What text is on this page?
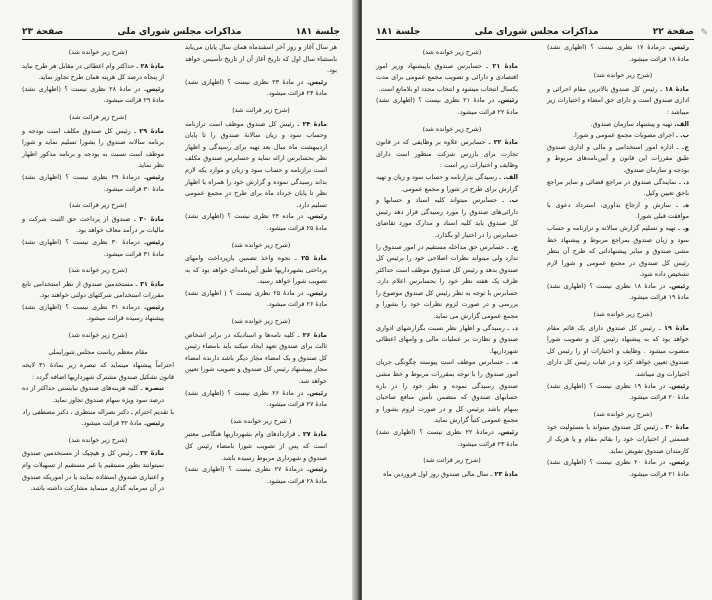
جلسة ۱۸۱
مذاکرات مجلس شورای ملی
صفحة ۲۳

هر سال آغاز و روز آخر اسفندماه همان سال پایان می‌یابد باستثناء سال اول که تاریخ آغاز آن از تاریخ تأسیس خواهد بود.

رئیس. در مادهٔ ۲۳ نظری نیست ؟ (اظهاری نشد) مادهٔ ۲۴ قرائت میشود.

(شرح زیر قرائت شد)

مادهٔ ۲۴ ـ رئیس کل صندوق موظف است ترازنامه وحساب سود و زیان سالانهٔ صندوق را تا پایان اردیبهشت ماه سال بعد تهیه برای رسیدگی و اظهار نظر بحسابرس ارائه نماید و حسابرس صندوق مکلف است ترازنامه و حساب سود و زیان و موارد یکه لازم بداند رسیدگی نموده و گزارش خود را همراه با اظهار نظر تا پایان خرداد ماه برای طرح در مجمع عمومی تسلیم دارد.

رئیس. در ماده ۲۴ نظری نیست ؟ (اظهاری نشد) مادهٔ ۲۵ قرائت میشود.

(شرح زیر خوانده شد)

مادهٔ ۲۵ ـ نحوه واخذ تضمین بازپرداخت وامهای پرداختی بشهرداریها طبق آیین‌نامه‌ای خواهد بود که به تصویب شورا خواهد رسید.

رئیس. در مادهٔ ۲۵ نظری نیست ؟ ( اظهاری نشد) مادهٔ ۲۶ قرائت میشود.

(شرح زیر خوانده شد)

مادهٔ ۲۶ ـ کلیه نامه‌ها و اسنادیکه در برابر اشخاص ثالث برای صندوق تعهد ایجاد میکند باید بامضاء رئیس کل صندوق و یک امضاء مجاز دیگر باشد دارنده امضاء مجاز بپیشنهاد رئیس کل صندوق و تصویب شورا تعیین خواهد شد.

رئیس. در مادهٔ ۲۶ نظری نیست ؟ (اظهاری نشد) مادهٔ ۲۷ قرائت میشود.

( شرح زیر خوانده شد)

مادهٔ ۲۷ ـ قراردادهای وام بشهرداریها هنگامی معتبر است که پس از تصویب شورا بامضاء رئیس کل صندوق و شهرداری مربوط رسیده باشد.

رئیس. درمادهٔ ۲۷ نظری نیست ؟ (اظهاری نشد) مادهٔ ۲۸ قرائت میشود.

(شرح زیر خوانده شد)

مادهٔ ۲۸ ـ حداکثر وام اعطائی در مقابل هر طرح نباید از پنجاه درصد کل هزینه همان طرح تجاوز نماید.

رئیس. در مادهٔ ۲۸ نظری نیست ؟ (اظهاری نشد) مادهٔ ۲۹ قرائت میشود.

(شرح زیر قرائت شد)

مادهٔ ۲۹ ـ رئیس کل صندوق مکلف است بودجه و برنامه سالانه صندوق را بشورا تسلیم نماید و شورا موظف است نسبت به بودجه و برنامه مذکور اظهار نظر نماید.

رئیس. درمادهٔ ۲۹ نظری نیست ؟ (اظهاری نشد) مادهٔ ۳۰ قرائت میشود.

(شرح زیر قرائت شد)

مادهٔ ۳۰ ـ صندوق از پرداخت حق الثبت شرکت و مالیات بر درآمد معاف خواهد بود.

رئیس. درمادهٔ ۳۰ نظری نیست ؟ (اظهاری نشد) مادهٔ ۳۱ قرائت میشود.

(شرح زیر خوانده شد)

مادهٔ ۳۱ ـ مستخدمین صندوق از نظر استخدامی تابع مقررات استخدامی شرکتهای دولتی خواهند بود.

رئیس. درماده ۳۱ نظری نیست ؟ (اظهاری نشد) پیشنهاد رسیده قرائت میشود.

(شرح زیر خوانده شد)

مقام معظم ریاست مجلس شورایملی

احتراماً پیشنهاد مینماید که تبصره زیر بمادهٔ ۳۱ لایحه قانون تشکیل صندوق مشترک شهرداریها اضافه گردد :

تبصره ـ کلیه هزینه‌های صندوق نبایستی حداکثر از ده درصد سود ویژه سهام صندوق تجاوز نماید.

با تقدیم احترام ـ دکتر نصراله منتظری ، دکتر مصطفی راد

رئیس. مادهٔ ۳۲ قرائت میشود.

(شرح زیر خوانده شد)

مادهٔ ۳۲ ـ رئیس کل و هیچیک از مستخدمین صندوق نمیتوانند بطور مستقیم یا غیر مستقیم از تسهیلات وام و اعتباری صندوق استفاده نمایند یا در اموریکه صندوق در آن سرمایه گذاری مینماید مشارکت داشته باشد.

صفحة ۲۲
مذاکرات مجلس شورای ملی
جلسة ۱۸۱

رئیس. درمادهٔ ۱۷ نظری نیست ؟ (اظهاری نشد) مادهٔ ۱۸ قرائت میشود.

(شرح زیر خوانده شد)

مادهٔ ۱۸ ـ رئیس کل صندوق بالاترین مقام اجرائی و اداری صندوق است و دارای حق امضاء و اختیارات زیر میباشد :

الف. تهیه و پیشنهاد سازمان صندوق.

ب. ـ اجرای مصوبات مجمع عمومی و شورا.

ج. ـ اداره امور استخدامی و مالی و اداری صندوق طبق مقررات این قانون و آیین‌نامه‌های مربوط و بودجه و سازمان صندوق.

د. ـ نمایندگی صندوق در مراجع قضائی و سایر مراجع باحق تعیین وکیل.

ه. ـ سازش و ارجاع بداوری، استرداد دعوی با موافقت قبلی شورا.

و. ـ تهیه و تسلیم گزارش سالانه و ترازنامه و حساب سود و زیان صندوق بمراجع مربوط و پیشنهاد خط مشی صندوق و سایر پیشنهاداتی که طرح آن بنظر رئیس کل صندوق در مجمع عمومی و شورا لازم تشخیص داده شود.

رئیس. در مادهٔ ۱۸ نظری نیست ؟ (اظهاری نشد) مادهٔ ۱۹ قرائت میشود.

(شرح زیر خوانده شد)

مادهٔ ۱۹ ـ رئیس کل صندوق دارای یک قائم مقام خواهد بود که به پیشنهاد رئیس کل و تصویب شورا منصوب میشود . وظایف و اختیارات او را رئیس کل صندوق تعیین خواهد کرد و در غیاب رئیس کل دارای اختیارات وی میباشد.

رئیس. در مادهٔ ۱۹ نظری نیست ؟ (اظهاری نشد) مادهٔ ۲۰ قرائت میشود.

(شرح زیر خوانده شد)

مادهٔ ۲۰ ـ رئیس کل صندوق میتواند با مسئولیت خود قسمتی از اختیارات خود را بقائم مقام و یا هریک از کارمندان صندوق تفویض نماید.

رئیس. در مادهٔ ۲۰ نظری نیست ؟ (اظهاری نشد) مادهٔ ۲۱ قرائت میشود.

(شرح زیر خوانده شد)

مادهٔ ۲۱ ـ حسابرس صندوق باپیشنهاد وزیر امور اقتصادی و دارائی و تصویب مجمع عمومی برای مدت یکسال انتخاب میشود و انتخاب مجدد او بلامانع است.

رئیس. در مادهٔ ۲۱ نظری نیست ؟ (اظهاری نشد) مادهٔ ۲۲ قرائت میشود.

(شرح زیر خوانده شد)

مادهٔ ۲۲ ـ حسابرس علاوه بر وظایفی که در قانون تجارت برای بازرس شرکت منظور است دارای وظایف و اختیارات زیر است :

الف. ـ رسیدگی بترازنامه و حساب سود و زیان و تهیه گزارش برای طرح در شورا و مجمع عمومی.

ب. ـ حسابرس میتواند کلیه اسناد و حسابها و دارائی‌های صندوق را مورد رسیدگی قرار دهد رئیس کل صندوق باید کلیه اسناد و مدارک مورد تقاضای حسابرس را در اختیار او بگذارد.

ج. ـ حسابرس حق مداخله مستقیم در امور صندوق را ندارد ولی میتواند نظرات اصلاحی خود را برئیس کل صندوق بدهد و رئیس کل صندوق موظف است حداکثر ظرف یک هفته نظر خود را بحسابرس اعلام دارد. حسابرس با توجه به نظر رئیس کل صندوق موضوع را بررسی و در صورت لزوم نظرات خود را بشورا و مجمع عمومی گزارش می نماید.

د. ـ رسیدگی و اظهار نظر نسبت بگزارشهای ادواری صندوق و نظارت بر عملیات مالی و وامهای اعطائی شهرداریها.

ه. ـ حسابرس موظف است پیوسته چگونگی جریان امور صندوق را با توجه بمقررات مربوط و خط مشی صندوق رسیدگی نموده و نظر خود را در باره حسابهای صندوق که متضمن تأمین منافع صاحبان سهام باشد برئیس کل و در صورت لزوم بشورا و مجمع عمومی کتباً گزارش نماید.

رئیس. درمادهٔ ۲۲ نظری نیست ؟ (اظهاری نشد) مادهٔ ۲۳ قرائت میشود.

(شرح زیر قرائت شد)

مادهٔ ۲۳ ـ سال مالی صندوق روز اول فروردین ماه

✎
